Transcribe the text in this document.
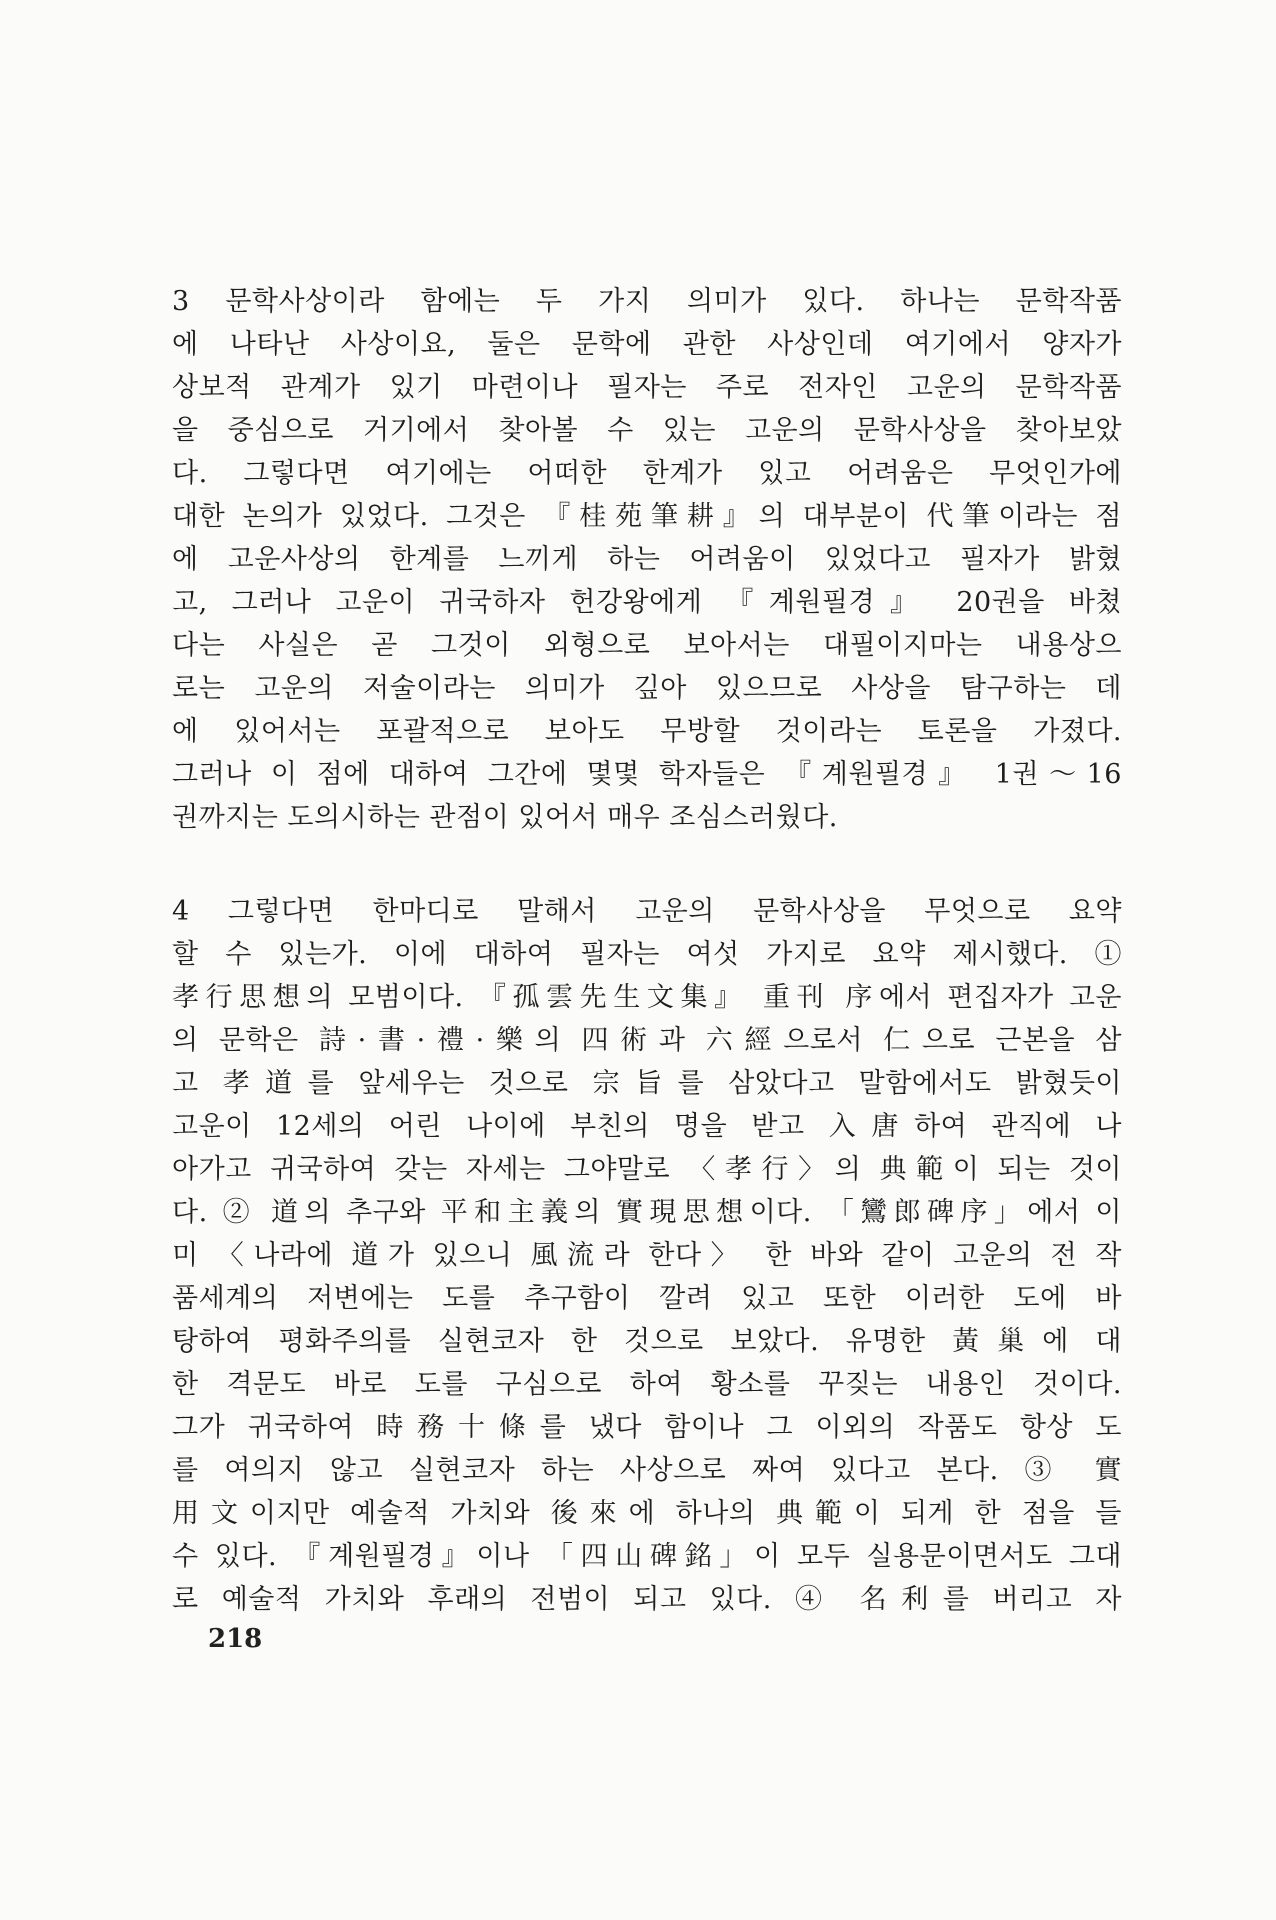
3 문학사상이라 함에는 두 가지 의미가 있다. 하나는 문학작품
에 나타난 사상이요, 둘은 문학에 관한 사상인데 여기에서 양자가
상보적 관계가 있기 마련이나 필자는 주로 전자인 고운의 문학작품
을 중심으로 거기에서 찾아볼 수 있는 고운의 문학사상을 찾아보았
다. 그렇다면 여기에는 어떠한 한계가 있고 어려움은 무엇인가에
대한 논의가 있었다. 그것은 『桂苑筆耕』의 대부분이 代筆이라는 점
에 고운사상의 한계를 느끼게 하는 어려움이 있었다고 필자가 밝혔
고, 그러나 고운이 귀국하자 헌강왕에게 『계원필경』 20권을 바쳤
다는 사실은 곧 그것이 외형으로 보아서는 대필이지마는 내용상으
로는 고운의 저술이라는 의미가 깊아 있으므로 사상을 탐구하는 데
에 있어서는 포괄적으로 보아도 무방할 것이라는 토론을 가졌다.
그러나 이 점에 대하여 그간에 몇몇 학자들은 『계원필경』 1권～16
권까지는 도의시하는 관점이 있어서 매우 조심스러웠다.
4 그렇다면 한마디로 말해서 고운의 문학사상을 무엇으로 요약
할 수 있는가. 이에 대하여 필자는 여섯 가지로 요약 제시했다. ①
孝行思想의 모범이다. 『孤雲先生文集』 重刊 序에서 편집자가 고운
의 문학은 詩·書·禮·樂의 四術과 六經으로서 仁으로 근본을 삼
고 孝道를 앞세우는 것으로 宗旨를 삼았다고 말함에서도 밝혔듯이
고운이 12세의 어린 나이에 부친의 명을 받고 入唐하여 관직에 나
아가고 귀국하여 갖는 자세는 그야말로 〈孝行〉의 典範이 되는 것이
다. ② 道의 추구와 平和主義의 實現思想이다. 「鸞郎碑序」에서 이
미 〈나라에 道가 있으니 風流라 한다〉 한 바와 같이 고운의 전 작
품세계의 저변에는 도를 추구함이 깔려 있고 또한 이러한 도에 바
탕하여 평화주의를 실현코자 한 것으로 보았다. 유명한 黃巢에 대
한 격문도 바로 도를 구심으로 하여 황소를 꾸짖는 내용인 것이다.
그가 귀국하여 時務十條를 냈다 함이나 그 이외의 작품도 항상 도
를 여의지 않고 실현코자 하는 사상으로 짜여 있다고 본다. ③ 實
用文이지만 예술적 가치와 後來에 하나의 典範이 되게 한 점을 들
수 있다. 『계원필경』이나 「四山碑銘」이 모두 실용문이면서도 그대
로 예술적 가치와 후래의 전범이 되고 있다. ④ 名利를 버리고 자
218
